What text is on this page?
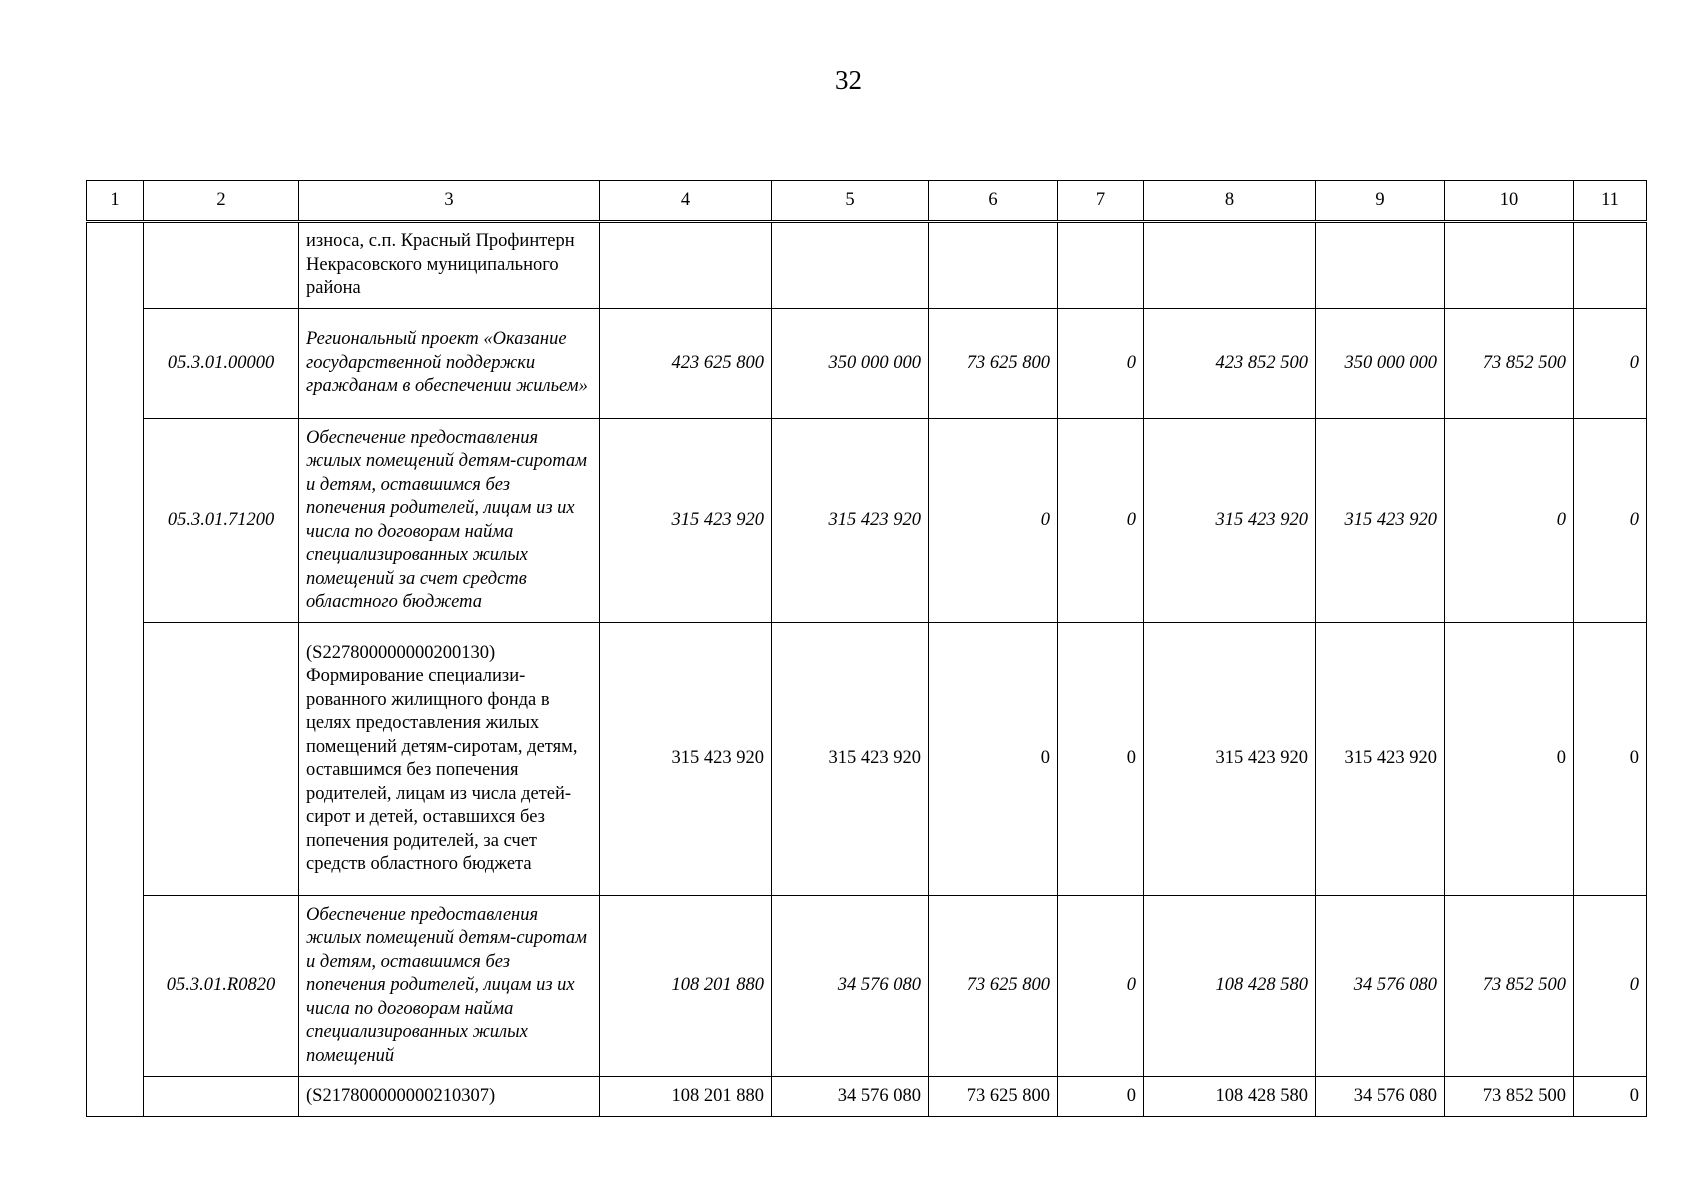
32
1	2	3	4	5	6	7	8	9	10	11
		износа, с.п. Красный Профинтерн Некрасовского муниципального района								
	05.3.01.00000	Региональный проект «Оказание государственной поддержки гражданам в обеспечении жильем»	423 625 800	350 000 000	73 625 800	0	423 852 500	350 000 000	73 852 500	0
	05.3.01.71200	Обеспечение предоставления жилых помещений детям-сиротам и детям, оставшимся без попечения родителей, лицам из их числа по договорам найма специализированных жилых помещений за счет средств областного бюджета	315 423 920	315 423 920	0	0	315 423 920	315 423 920	0	0
		(S227800000000200130) Формирование специализи-рованного жилищного фонда в целях предоставления жилых помещений детям-сиротам, детям, оставшимся без попечения родителей, лицам из числа детей-сирот и детей, оставшихся без попечения родителей, за счет средств областного бюджета	315 423 920	315 423 920	0	0	315 423 920	315 423 920	0	0
	05.3.01.R0820	Обеспечение предоставления жилых помещений детям-сиротам и детям, оставшимся без попечения родителей, лицам из их числа по договорам найма специализированных жилых помещений	108 201 880	34 576 080	73 625 800	0	108 428 580	34 576 080	73 852 500	0
		(S217800000000210307)	108 201 880	34 576 080	73 625 800	0	108 428 580	34 576 080	73 852 500	0
